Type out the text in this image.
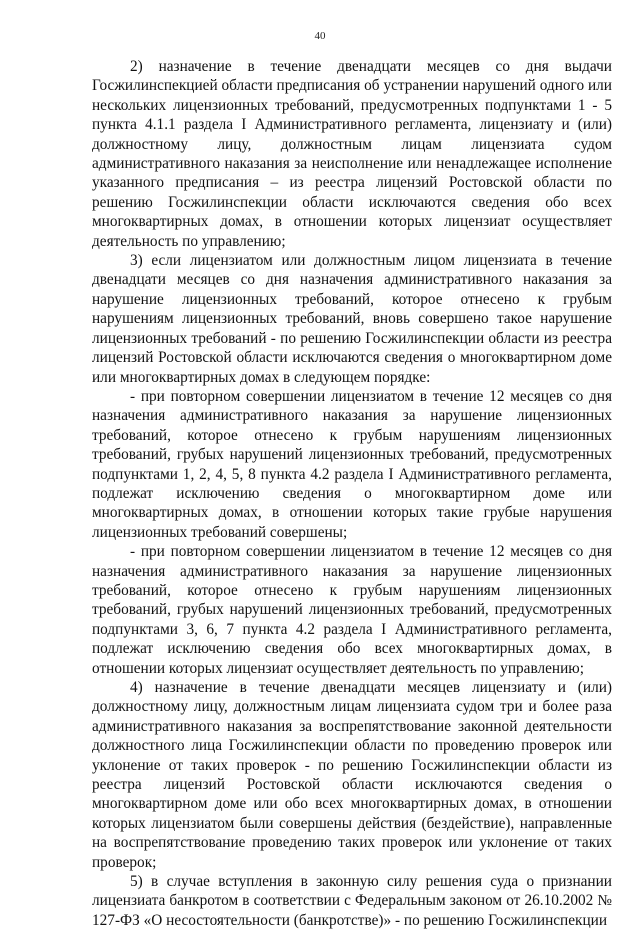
40

2) назначение в течение двенадцати месяцев со дня выдачи Госжилинспекцией области предписания об устранении нарушений одного или нескольких лицензионных требований, предусмотренных подпунктами 1 - 5 пункта 4.1.1 раздела I Административного регламента, лицензиату и (или) должностному лицу, должностным лицам лицензиата судом административного наказания за неисполнение или ненадлежащее исполнение указанного предписания – из реестра лицензий Ростовской области по решению Госжилинспекции области исключаются сведения обо всех многоквартирных домах, в отношении которых лицензиат осуществляет деятельность по управлению;

3) если лицензиатом или должностным лицом лицензиата в течение двенадцати месяцев со дня назначения административного наказания за нарушение лицензионных требований, которое отнесено к грубым нарушениям лицензионных требований, вновь совершено такое нарушение лицензионных требований - по решению Госжилинспекции области из реестра лицензий Ростовской области исключаются сведения о многоквартирном доме или многоквартирных домах в следующем порядке:

- при повторном совершении лицензиатом в течение 12 месяцев со дня назначения административного наказания за нарушение лицензионных требований, которое отнесено к грубым нарушениям лицензионных требований, грубых нарушений лицензионных требований, предусмотренных подпунктами 1, 2, 4, 5, 8 пункта 4.2 раздела I Административного регламента, подлежат исключению сведения о многоквартирном доме или многоквартирных домах, в отношении которых такие грубые нарушения лицензионных требований совершены;

- при повторном совершении лицензиатом в течение 12 месяцев со дня назначения административного наказания за нарушение лицензионных требований, которое отнесено к грубым нарушениям лицензионных требований, грубых нарушений лицензионных требований, предусмотренных подпунктами 3, 6, 7 пункта 4.2 раздела I Административного регламента, подлежат исключению сведения обо всех многоквартирных домах, в отношении которых лицензиат осуществляет деятельность по управлению;

4) назначение в течение двенадцати месяцев лицензиату и (или) должностному лицу, должностным лицам лицензиата судом три и более раза административного наказания за воспрепятствование законной деятельности должностного лица Госжилинспекции области по проведению проверок или уклонение от таких проверок - по решению Госжилинспекции области из реестра лицензий Ростовской области исключаются сведения о многоквартирном доме или обо всех многоквартирных домах, в отношении которых лицензиатом были совершены действия (бездействие), направленные на воспрепятствование проведению таких проверок или уклонение от таких проверок;

5) в случае вступления в законную силу решения суда о признании лицензиата банкротом в соответствии с Федеральным законом от 26.10.2002 № 127-ФЗ «О несостоятельности (банкротстве)» - по решению Госжилинспекции
